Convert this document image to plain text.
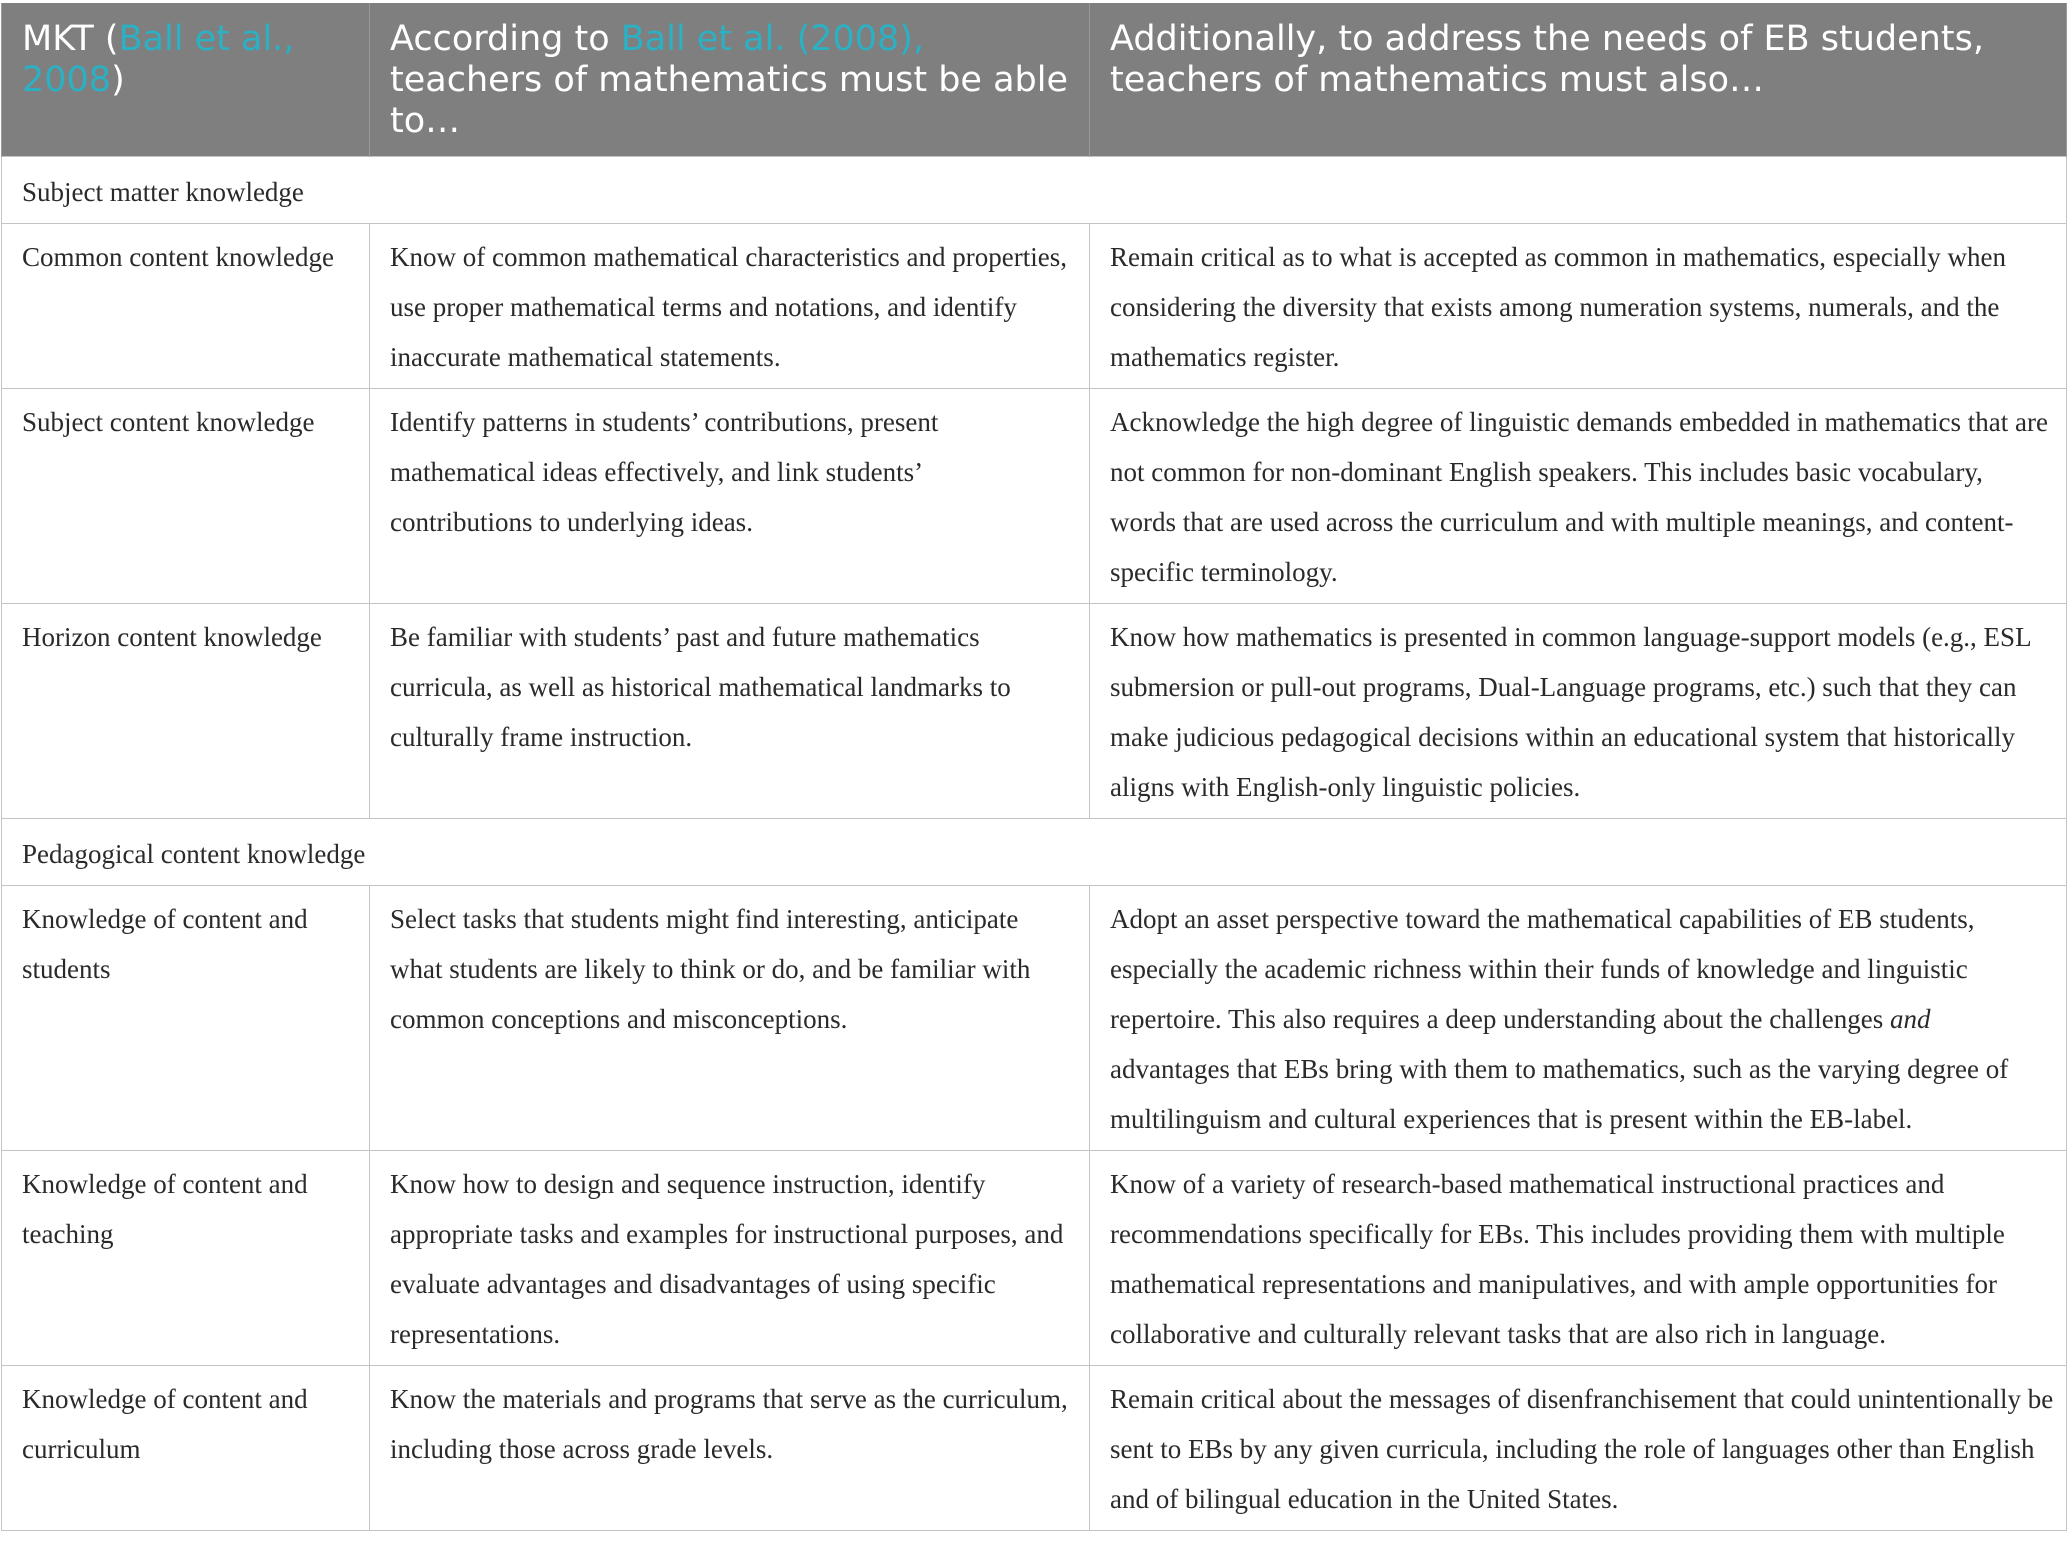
MKT (Ball et al., 2008)	According to Ball et al. (2008), teachers of mathematics must be able to…	Additionally, to address the needs of EB students, teachers of mathematics must also…
Subject matter knowledge		
Common content knowledge	Know of common mathematical characteristics and properties, use proper mathematical terms and notations, and identify inaccurate mathematical statements.	Remain critical as to what is accepted as common in mathematics, especially when considering the diversity that exists among numeration systems, numerals, and the mathematics register.
Subject content knowledge	Identify patterns in students’ contributions, present mathematical ideas effectively, and link students’ contributions to underlying ideas.	Acknowledge the high degree of linguistic demands embedded in mathematics that are not common for non-dominant English speakers. This includes basic vocabulary, words that are used across the curriculum and with multiple meanings, and content-specific terminology.
Horizon content knowledge	Be familiar with students’ past and future mathematics curricula, as well as historical mathematical landmarks to culturally frame instruction.	Know how mathematics is presented in common language-support models (e.g., ESL submersion or pull-out programs, Dual-Language programs, etc.) such that they can make judicious pedagogical decisions within an educational system that historically aligns with English-only linguistic policies.
Pedagogical content knowledge		
Knowledge of content and students	Select tasks that students might find interesting, anticipate what students are likely to think or do, and be familiar with common conceptions and misconceptions.	Adopt an asset perspective toward the mathematical capabilities of EB students, especially the academic richness within their funds of knowledge and linguistic repertoire. This also requires a deep understanding about the challenges and advantages that EBs bring with them to mathematics, such as the varying degree of multilinguism and cultural experiences that is present within the EB-label.
Knowledge of content and teaching	Know how to design and sequence instruction, identify appropriate tasks and examples for instructional purposes, and evaluate advantages and disadvantages of using specific representations.	Know of a variety of research-based mathematical instructional practices and recommendations specifically for EBs. This includes providing them with multiple mathematical representations and manipulatives, and with ample opportunities for collaborative and culturally relevant tasks that are also rich in language.
Knowledge of content and curriculum	Know the materials and programs that serve as the curriculum, including those across grade levels.	Remain critical about the messages of disenfranchisement that could unintentionally be sent to EBs by any given curricula, including the role of languages other than English and of bilingual education in the United States.
